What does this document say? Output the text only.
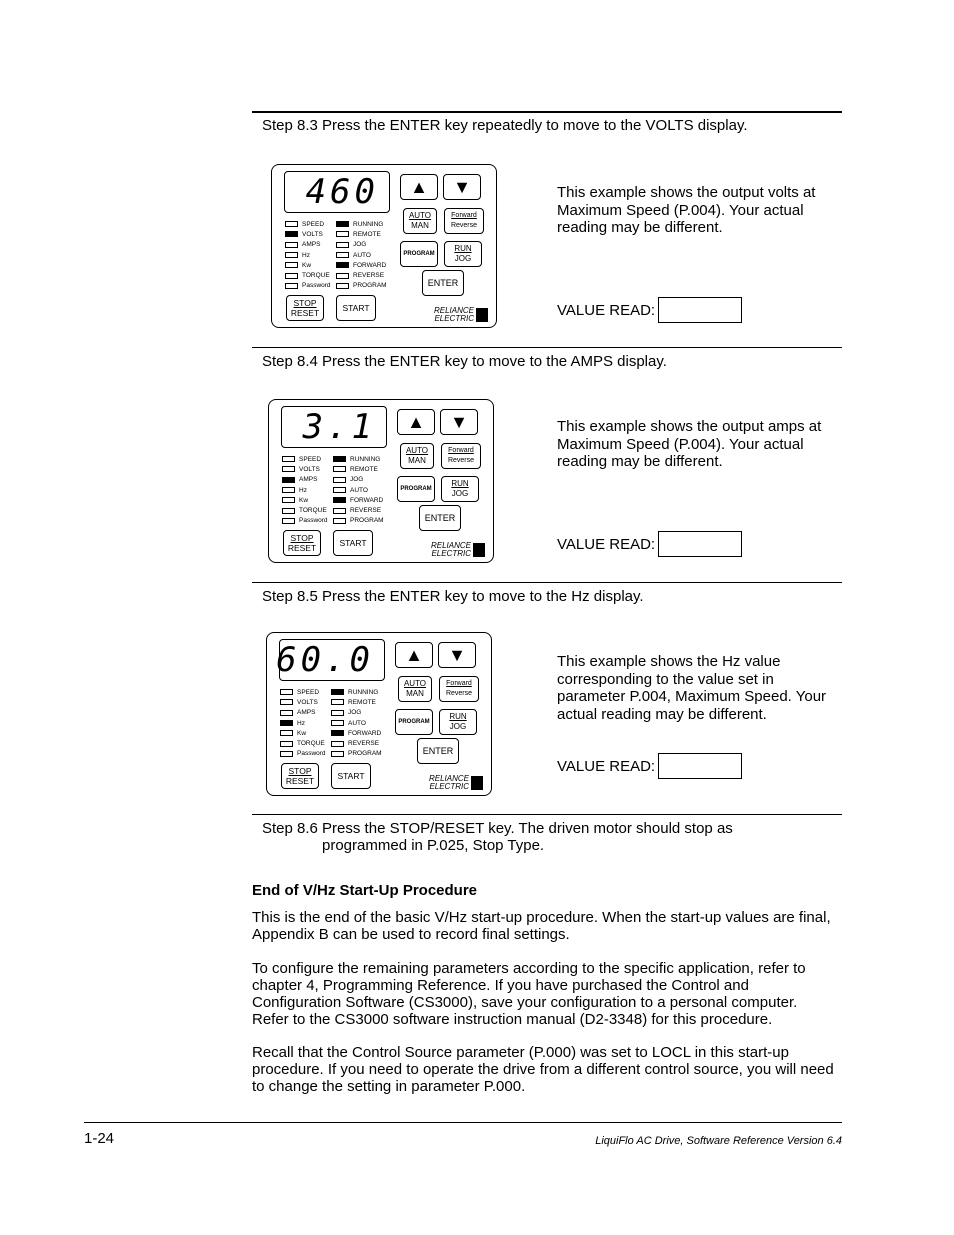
Step 8.3 Press the ENTER key repeatedly to move to the VOLTS display.
This example shows the output volts at Maximum Speed (P.004). Your actual reading may be different.
VALUE READ:
460	▲ ▼
AUTO
MAN
Forward
Reverse
PROGRAM
RUN
JOG
ENTER
STOP
RESET	START
SPEED
VOLTS
AMPS
Hz
Kw
TORQUE
Password
RUNNING
REMOTE
JOG
AUTO
FORWARD
REVERSE
PROGRAM
RELIANCE
ELECTRIC
Step 8.4 Press the ENTER key to move to the AMPS display.
This example shows the output amps at Maximum Speed (P.004). Your actual reading may be different.
VALUE READ:
3.1	▲ ▼
AUTO
MAN
Forward
Reverse
PROGRAM
RUN
JOG
ENTER
STOP
RESET	START
SPEED
VOLTS
AMPS
Hz
Kw
TORQUE
Password
RUNNING
REMOTE
JOG
AUTO
FORWARD
REVERSE
PROGRAM
RELIANCE
ELECTRIC
Step 8.5 Press the ENTER key to move to the Hz display.
This example shows the Hz value corresponding to the value set in parameter P.004, Maximum Speed. Your actual reading may be different.
VALUE READ:
60.0	▲ ▼
AUTO
MAN
Forward
Reverse
PROGRAM
RUN
JOG
ENTER
STOP
RESET	START
SPEED
VOLTS
AMPS
Hz
Kw
TORQUE
Password
RUNNING
REMOTE
JOG
AUTO
FORWARD
REVERSE
PROGRAM
RELIANCE
ELECTRIC
Step 8.6 Press the STOP/RESET key. The driven motor should stop as
programmed in P.025, Stop Type.
End of V/Hz Start-Up Procedure
This is the end of the basic V/Hz start-up procedure. When the start-up values are final, Appendix B can be used to record final settings.
To configure the remaining parameters according to the specific application, refer to chapter 4, Programming Reference. If you have purchased the Control and Configuration Software (CS3000), save your configuration to a personal computer. Refer to the CS3000 software instruction manual (D2-3348) for this procedure.
Recall that the Control Source parameter (P.000) was set to LOCL in this start-up procedure. If you need to operate the drive from a different control source, you will need to change the setting in parameter P.000.
1-24	LiquiFlo AC Drive, Software Reference Version 6.4
